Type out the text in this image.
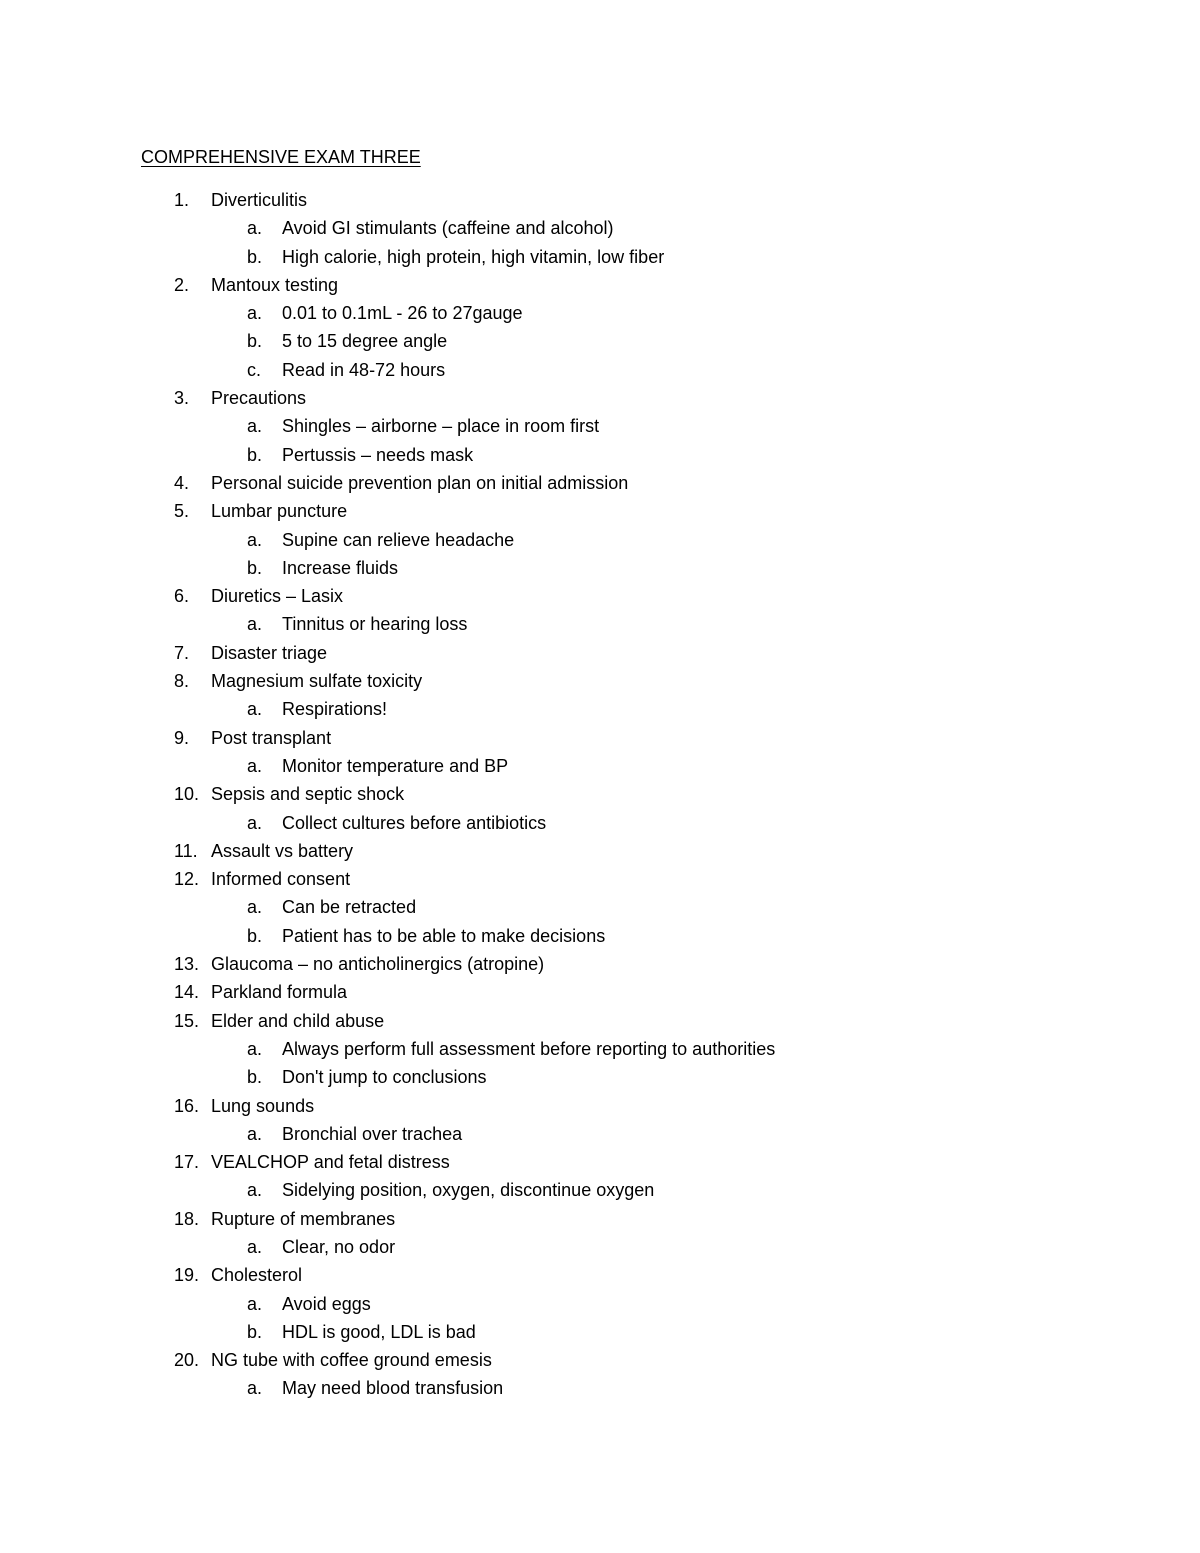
COMPREHENSIVE EXAM THREE
1. Diverticulitis
a. Avoid GI stimulants (caffeine and alcohol)
b. High calorie, high protein, high vitamin, low fiber
2. Mantoux testing
a. 0.01 to 0.1mL - 26 to 27gauge
b. 5 to 15 degree angle
c. Read in 48-72 hours
3. Precautions
a. Shingles – airborne – place in room first
b. Pertussis – needs mask
4. Personal suicide prevention plan on initial admission
5. Lumbar puncture
a. Supine can relieve headache
b. Increase fluids
6. Diuretics – Lasix
a. Tinnitus or hearing loss
7. Disaster triage
8. Magnesium sulfate toxicity
a. Respirations!
9. Post transplant
a. Monitor temperature and BP
10. Sepsis and septic shock
a. Collect cultures before antibiotics
11. Assault vs battery
12. Informed consent
a. Can be retracted
b. Patient has to be able to make decisions
13. Glaucoma – no anticholinergics (atropine)
14. Parkland formula
15. Elder and child abuse
a. Always perform full assessment before reporting to authorities
b. Don't jump to conclusions
16. Lung sounds
a. Bronchial over trachea
17. VEALCHOP and fetal distress
a. Sidelying position, oxygen, discontinue oxygen
18. Rupture of membranes
a. Clear, no odor
19. Cholesterol
a. Avoid eggs
b. HDL is good, LDL is bad
20. NG tube with coffee ground emesis
a. May need blood transfusion
